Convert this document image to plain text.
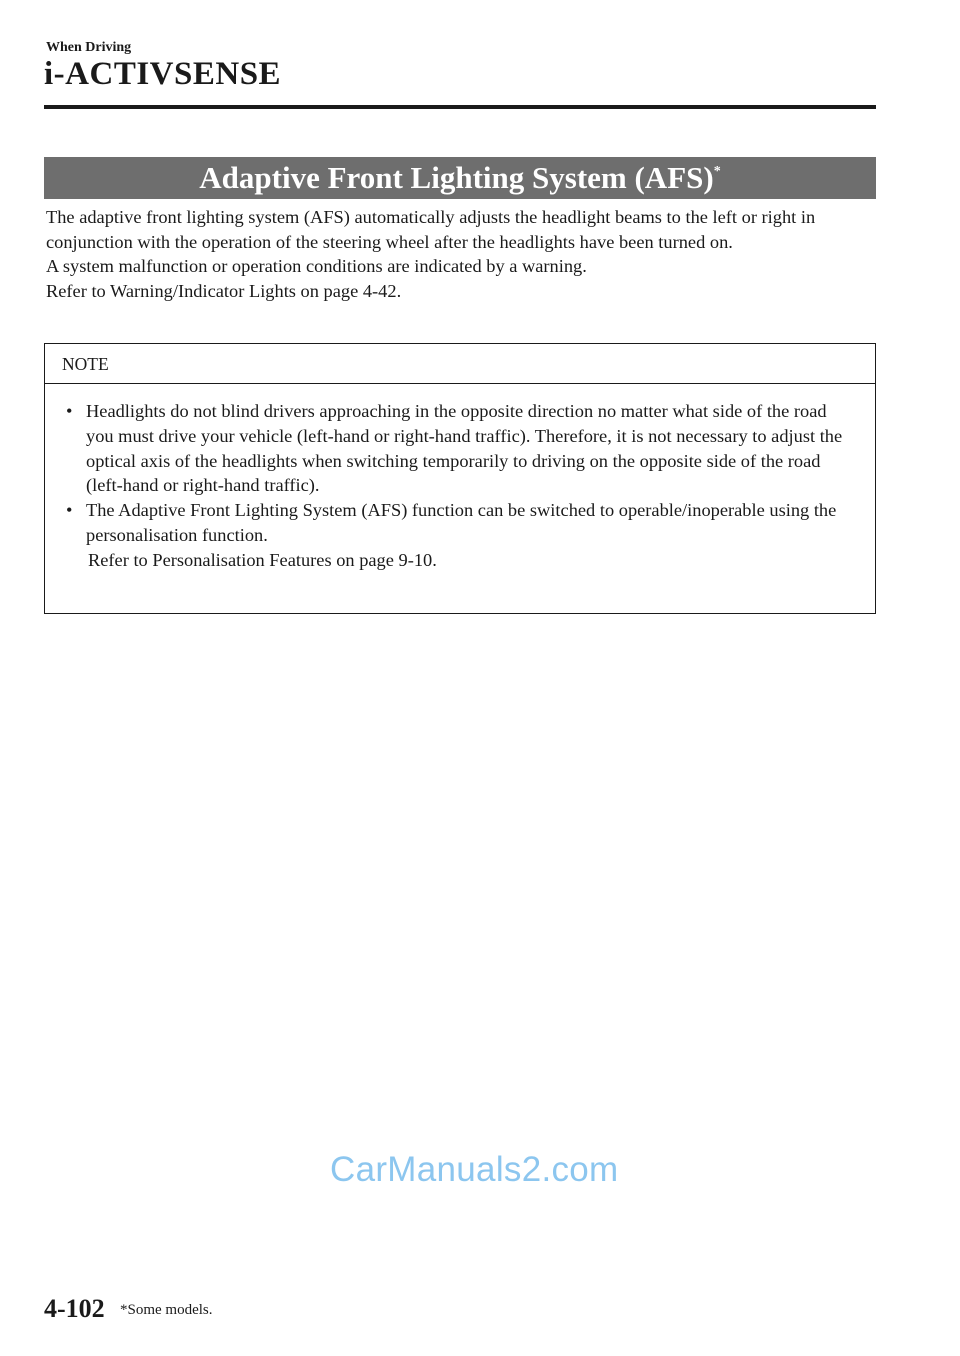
When Driving
i-ACTIVSENSE
Adaptive Front Lighting System (AFS)*

The adaptive front lighting system (AFS) automatically adjusts the headlight beams to the left or right in conjunction with the operation of the steering wheel after the headlights have been turned on.

A system malfunction or operation conditions are indicated by a warning.

Refer to Warning/Indicator Lights on page 4-42.

NOTE
• Headlights do not blind drivers approaching in the opposite direction no matter what side of the road you must drive your vehicle (left-hand or right-hand traffic). Therefore, it is not necessary to adjust the optical axis of the headlights when switching temporarily to driving on the opposite side of the road (left-hand or right-hand traffic).
• The Adaptive Front Lighting System (AFS) function can be switched to operable/inoperable using the personalisation function.
Refer to Personalisation Features on page 9-10.
CarManuals2.com
4-102 *Some models.
